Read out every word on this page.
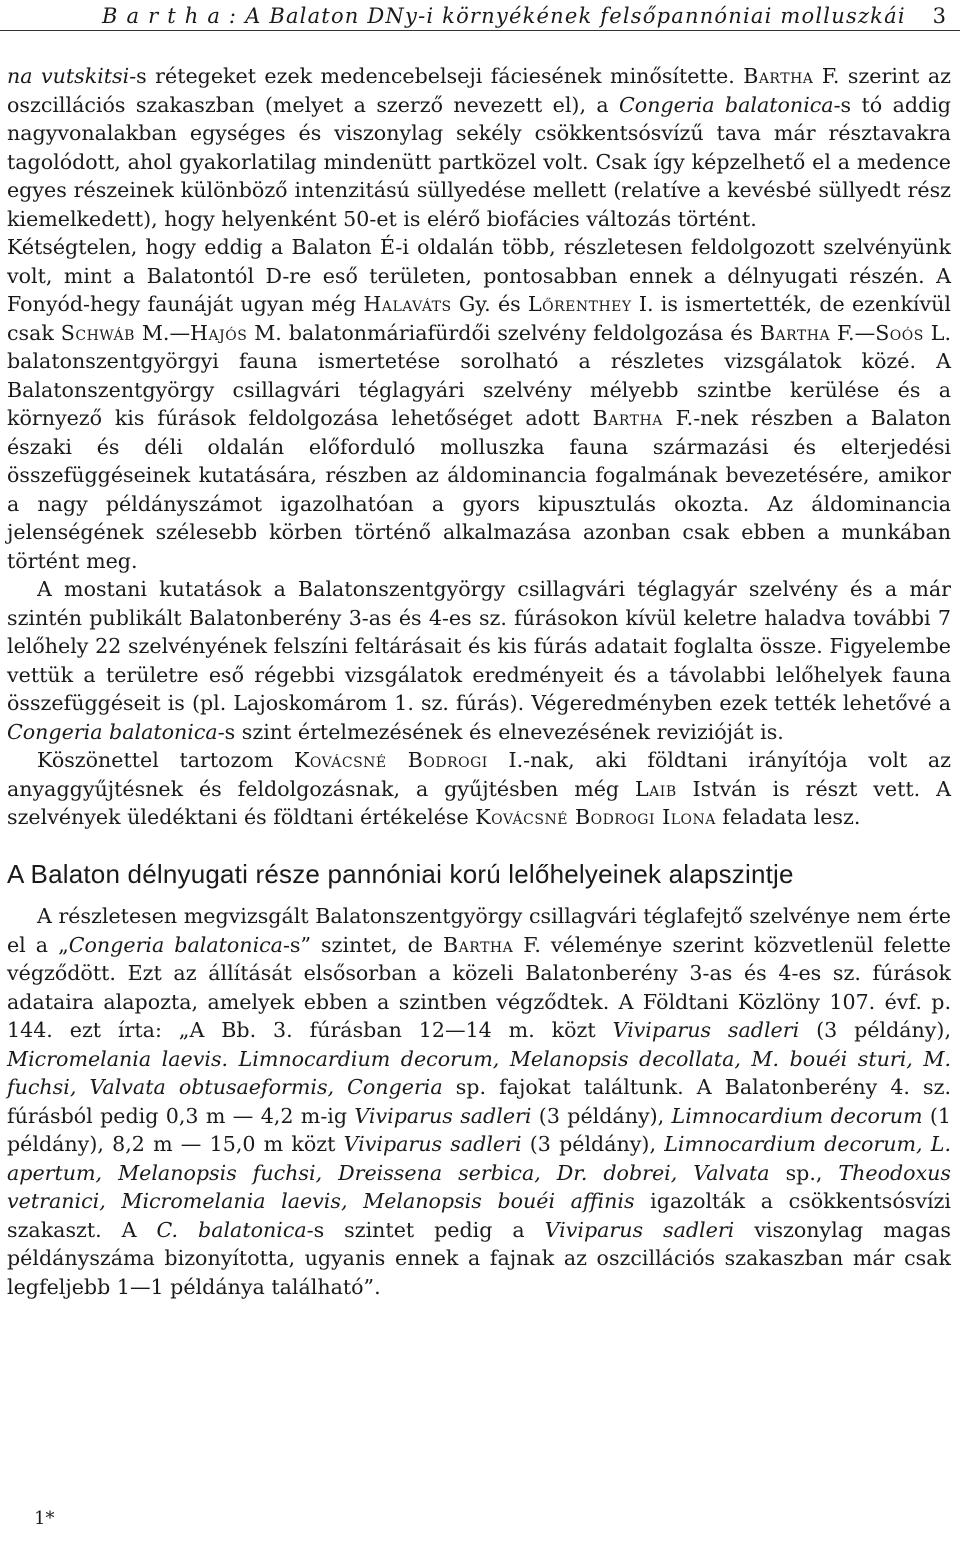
B a r t h a : A Balaton DNy-i környékének felsőpannóniai molluszkái 3

na vutskitsi-s rétegeket ezek medencebelseji fáciesének minősítette. Bartha F. szerint az oszcillációs szakaszban (melyet a szerző nevezett el), a Congeria balatonica-s tó addig nagyvonalakban egységes és viszonylag sekély csökkentsósvízű tava már résztavakra tagolódott, ahol gyakorlatilag mindenütt partközel volt. Csak így képzelhető el a medence egyes részeinek különböző intenzitású süllyedése mellett (relatíve a kevésbé süllyedt rész kiemelkedett), hogy helyenként 50-et is elérő biofácies változás történt.

Kétségtelen, hogy eddig a Balaton É-i oldalán több, részletesen feldolgozott szelvényünk volt, mint a Balatontól D-re eső területen, pontosabban ennek a délnyugati részén. A Fonyód-hegy faunáját ugyan még Halaváts Gy. és Lőrenthey I. is ismertették, de ezenkívül csak Schwáb M.—Hajós M. balatonmáriafürdői szelvény feldolgozása és Bartha F.—Soós L. balatonszentgyörgyi fauna ismertetése sorolható a részletes vizsgálatok közé. A Balatonszentgyörgy csillagvári téglagyári szelvény mélyebb szintbe kerülése és a környező kis fúrások feldolgozása lehetőséget adott Bartha F.-nek részben a Balaton északi és déli oldalán előforduló molluszka fauna származási és elterjedési összefüggéseinek kutatására, részben az áldominancia fogalmának bevezetésére, amikor a nagy példányszámot igazolhatóan a gyors kipusztulás okozta. Az áldominancia jelenségének szélesebb körben történő alkalmazása azonban csak ebben a munkában történt meg.

A mostani kutatások a Balatonszentgyörgy csillagvári téglagyár szelvény és a már szintén publikált Balatonberény 3-as és 4-es sz. fúrásokon kívül keletre haladva további 7 lelőhely 22 szelvényének felszíni feltárásait és kis fúrás adatait foglalta össze. Figyelembe vettük a területre eső régebbi vizsgálatok eredményeit és a távolabbi lelőhelyek fauna összefüggéseit is (pl. Lajoskomárom 1. sz. fúrás). Végeredményben ezek tették lehetővé a Congeria balatonica-s szint értelmezésének és elnevezésének revizióját is.

Köszönettel tartozom Kovácsné Bodrogi I.-nak, aki földtani irányítója volt az anyaggyűjtésnek és feldolgozásnak, a gyűjtésben még Laib István is részt vett. A szelvények üledéktani és földtani értékelése Kovácsné Bodrogi Ilona feladata lesz.

A Balaton délnyugati része pannóniai korú lelőhelyeinek alapszintje

A részletesen megvizsgált Balatonszentgyörgy csillagvári téglafejtő szelvénye nem érte el a „Congeria balatonica-s” szintet, de Bartha F. véleménye szerint közvetlenül felette végződött. Ezt az állítását elsősorban a közeli Balatonberény 3-as és 4-es sz. fúrások adataira alapozta, amelyek ebben a szintben végződtek. A Földtani Közlöny 107. évf. p. 144. ezt írta: „A Bb. 3. fúrásban 12—14 m. közt Viviparus sadleri (3 példány), Micromelania laevis. Limnocardium decorum, Melanopsis decollata, M. bouéi sturi, M. fuchsi, Valvata obtusaeformis, Congeria sp. fajokat találtunk. A Balatonberény 4. sz. fúrásból pedig 0,3 m — 4,2 m-ig Viviparus sadleri (3 példány), Limnocardium decorum (1 példány), 8,2 m — 15,0 m közt Viviparus sadleri (3 példány), Limnocardium decorum, L. apertum, Melanopsis fuchsi, Dreissena serbica, Dr. dobrei, Valvata sp., Theodoxus vetranici, Micromelania laevis, Melanopsis bouéi affinis igazolták a csökkentsósvízi szakaszt. A C. balatonica-s szintet pedig a Viviparus sadleri viszonylag magas példányszáma bizonyította, ugyanis ennek a fajnak az oszcillációs szakaszban már csak legfeljebb 1—1 példánya található”.

1*
